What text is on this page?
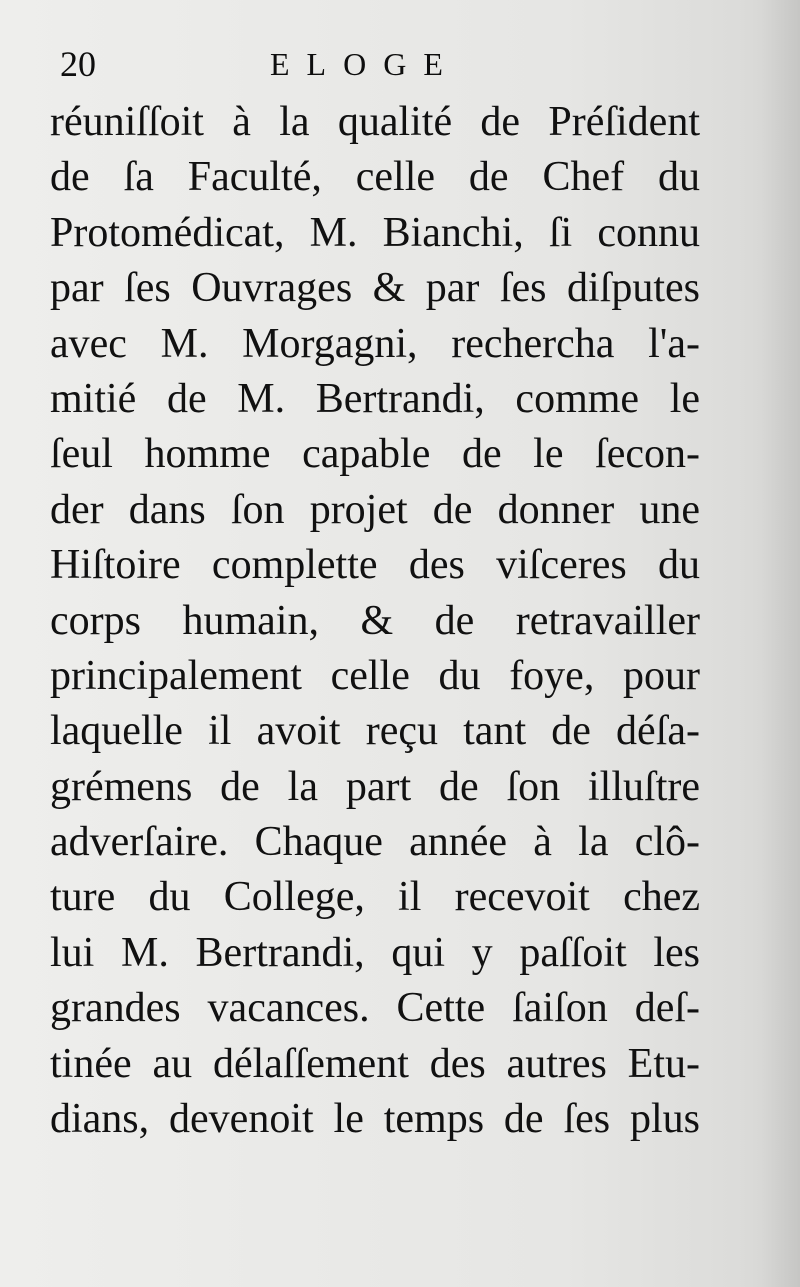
20	ELOGE
réuniſſoit à la qualité de Préſident
de ſa Faculté, celle de Chef du
Protomédicat, M. Bianchi, ſi connu
par ſes Ouvrages & par ſes diſputes
avec M. Morgagni, rechercha l'a-
mitié de M. Bertrandi, comme le
ſeul homme capable de le ſecon-
der dans ſon projet de donner une
Hiſtoire complette des viſceres du
corps humain, & de retravailler
principalement celle du foye, pour
laquelle il avoit reçu tant de déſa-
grémens de la part de ſon illuſtre
adverſaire. Chaque année à la clô-
ture du College, il recevoit chez
lui M. Bertrandi, qui y paſſoit les
grandes vacances. Cette ſaiſon deſ-
tinée au délaſſement des autres Etu-
dians, devenoit le temps de ſes plus
